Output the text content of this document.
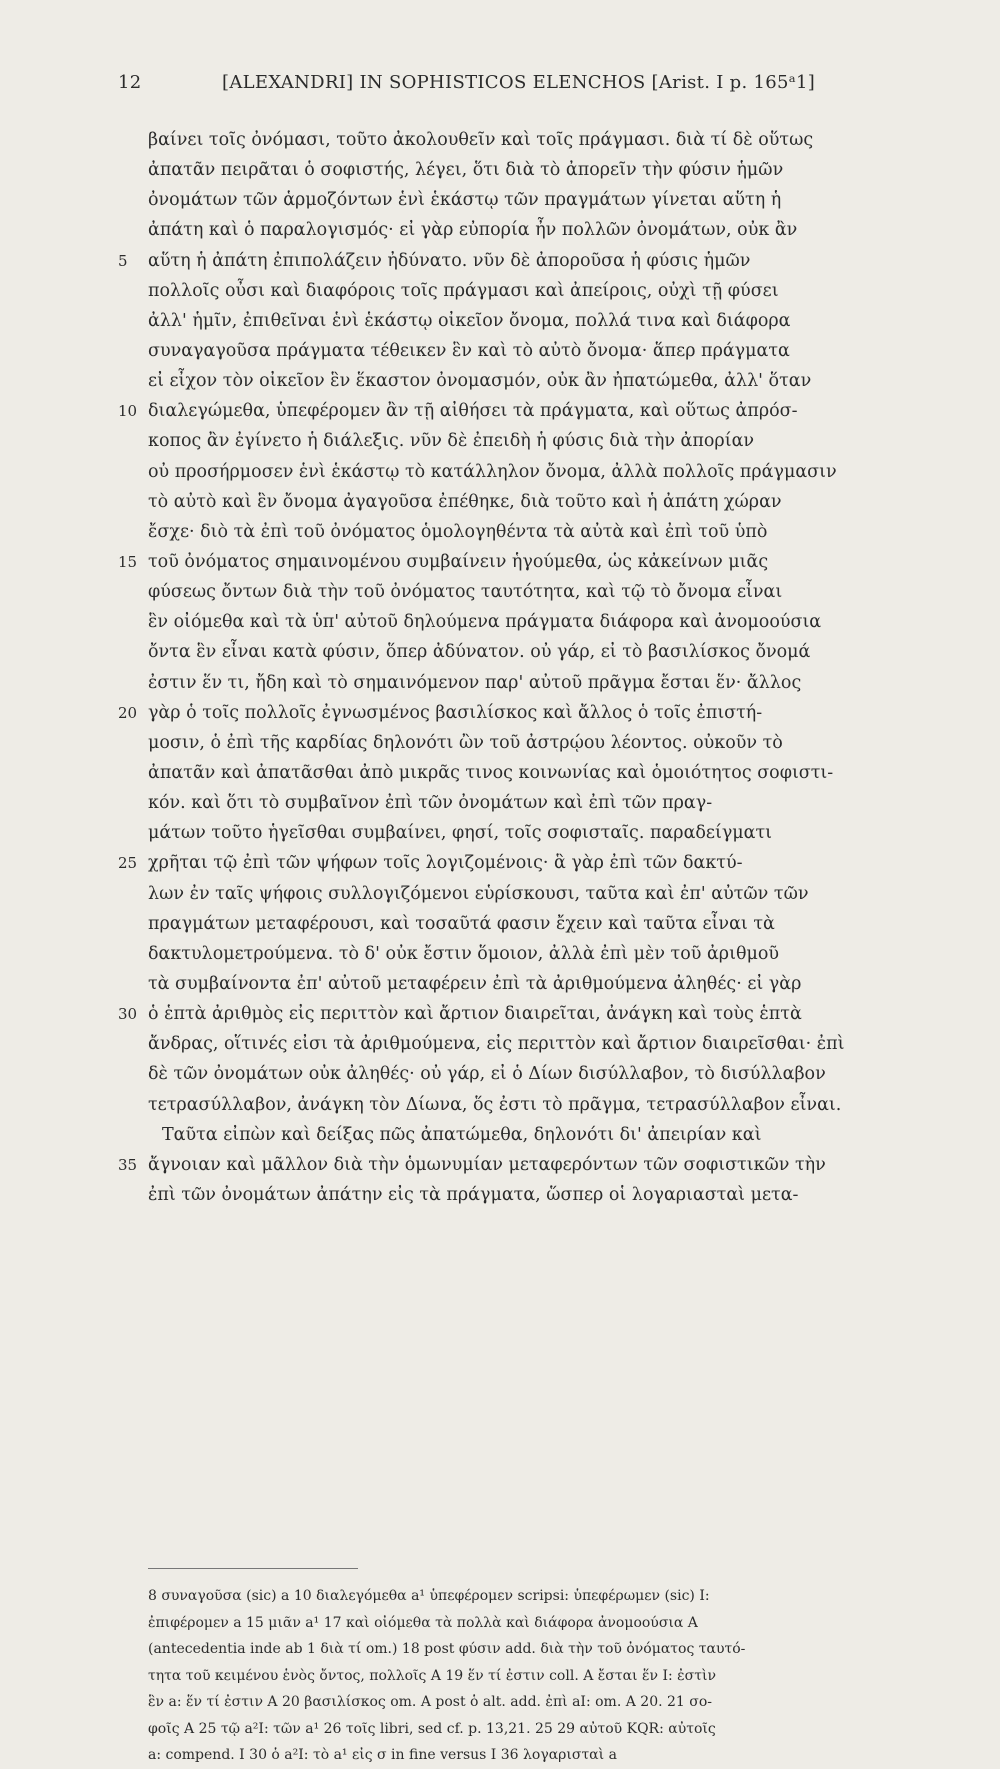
12	[ALEXANDRI] IN SOPHISTICOS ELENCHOS [Arist. I p. 165ᵃ1]
βαίνει τοῖς ὀνόμασι, τοῦτο ἀκολουθεῖν καὶ τοῖς πράγμασι. διὰ τί δὲ οὕτως
ἀπατᾶν πειρᾶται ὁ σοφιστής, λέγει, ὅτι διὰ τὸ ἀπορεῖν τὴν φύσιν ἡμῶν
ὀνομάτων τῶν ἁρμοζόντων ἑνὶ ἑκάστῳ τῶν πραγμάτων γίνεται αὕτη ἡ
ἀπάτη καὶ ὁ παραλογισμός· εἰ γὰρ εὐπορία ἦν πολλῶν ὀνομάτων, οὐκ ἂν
5	αὕτη ἡ ἀπάτη ἐπιπολάζειν ἠδύνατο. νῦν δὲ ἀποροῦσα ἡ φύσις ἡμῶν
πολλοῖς οὖσι καὶ διαφόροις τοῖς πράγμασι καὶ ἀπείροις, οὐχὶ τῇ φύσει
ἀλλ' ἡμῖν, ἐπιθεῖναι ἑνὶ ἑκάστῳ οἰκεῖον ὄνομα, πολλά τινα καὶ διάφορα
συναγαγοῦσα πράγματα τέθεικεν ἓν καὶ τὸ αὐτὸ ὄνομα· ἅπερ πράγματα
εἰ εἶχον τὸν οἰκεῖον ἓν ἕκαστον ὀνομασμόν, οὐκ ἂν ἠπατώμεθα, ἀλλ' ὅταν
10 διαλεγώμεθα, ὑπεφέρομεν ἂν τῇ αἰθήσει τὰ πράγματα, καὶ οὕτως ἀπρόσ-
κοπος ἂν ἐγίνετο ἡ διάλεξις. νῦν δὲ ἐπειδὴ ἡ φύσις διὰ τὴν ἀπορίαν
οὐ προσήρμοσεν ἑνὶ ἑκάστῳ τὸ κατάλληλον ὄνομα, ἀλλὰ πολλοῖς πράγμασιν
τὸ αὐτὸ καὶ ἓν ὄνομα ἀγαγοῦσα ἐπέθηκε, διὰ τοῦτο καὶ ἡ ἀπάτη χώραν
ἔσχε· διὸ τὰ ἐπὶ τοῦ ὀνόματος ὁμολογηθέντα τὰ αὐτὰ καὶ ἐπὶ τοῦ ὑπὸ
15 τοῦ ὀνόματος σημαινομένου συμβαίνειν ἡγούμεθα, ὡς κἀκείνων μιᾶς
φύσεως ὄντων διὰ τὴν τοῦ ὀνόματος ταυτότητα, καὶ τῷ τὸ ὄνομα εἶναι
ἓν οἰόμεθα καὶ τὰ ὑπ' αὐτοῦ δηλούμενα πράγματα διάφορα καὶ ἀνομοούσια
ὄντα ἓν εἶναι κατὰ φύσιν, ὅπερ ἀδύνατον. οὐ γάρ, εἰ τὸ βασιλίσκος ὄνομά
ἐστιν ἕν τι, ἤδη καὶ τὸ σημαινόμενον παρ' αὐτοῦ πρᾶγμα ἔσται ἕν· ἄλλος
20 γὰρ ὁ τοῖς πολλοῖς ἐγνωσμένος βασιλίσκος καὶ ἄλλος ὁ τοῖς ἐπιστή-
μοσιν, ὁ ἐπὶ τῆς καρδίας δηλονότι ὢν τοῦ ἀστρῴου λέοντος. οὐκοῦν τὸ
ἀπατᾶν καὶ ἀπατᾶσθαι ἀπὸ μικρᾶς τινος κοινωνίας καὶ ὁμοιότητος σοφιστι-
κόν. καὶ ὅτι τὸ συμβαῖνον ἐπὶ τῶν ὀνομάτων καὶ ἐπὶ τῶν πραγ-
μάτων τοῦτο ἡγεῖσθαι συμβαίνει, φησί, τοῖς σοφισταῖς. παραδείγματι
25 χρῆται τῷ ἐπὶ τῶν ψήφων τοῖς λογιζομένοις· ἃ γὰρ ἐπὶ τῶν δακτύ-
λων ἐν ταῖς ψήφοις συλλογιζόμενοι εὑρίσκουσι, ταῦτα καὶ ἐπ' αὐτῶν τῶν
πραγμάτων μεταφέρουσι, καὶ τοσαῦτά φασιν ἔχειν καὶ ταῦτα εἶναι τὰ
δακτυλομετρούμενα. τὸ δ' οὐκ ἔστιν ὅμοιον, ἀλλὰ ἐπὶ μὲν τοῦ ἀριθμοῦ
τὰ συμβαίνοντα ἐπ' αὐτοῦ μεταφέρειν ἐπὶ τὰ ἀριθμούμενα ἀληθές· εἰ γὰρ
30 ὁ ἑπτὰ ἀριθμὸς εἰς περιττὸν καὶ ἄρτιον διαιρεῖται, ἀνάγκη καὶ τοὺς ἑπτὰ
ἄνδρας, οἵτινές εἰσι τὰ ἀριθμούμενα, εἰς περιττὸν καὶ ἄρτιον διαιρεῖσθαι· ἐπὶ
δὲ τῶν ὀνομάτων οὐκ ἀληθές· οὐ γάρ, εἰ ὁ Δίων δισύλλαβον, τὸ δισύλλαβον
τετρασύλλαβον, ἀνάγκη τὸν Δίωνα, ὅς ἐστι τὸ πρᾶγμα, τετρασύλλαβον εἶναι.
Ταῦτα εἰπὼν καὶ δείξας πῶς ἀπατώμεθα, δηλονότι δι' ἀπειρίαν καὶ
35 ἄγνοιαν καὶ μᾶλλον διὰ τὴν ὁμωνυμίαν μεταφερόντων τῶν σοφιστικῶν τὴν
ἐπὶ τῶν ὀνομάτων ἀπάτην εἰς τὰ πράγματα, ὥσπερ οἱ λογαριασταὶ μετα-
8 συναγοῦσα (sic) a 10 διαλεγόμεθα a¹ ὑπεφέρομεν scripsi: ὑπεφέρωμεν (sic) I:
ἐπιφέρομεν a 15 μιᾶν a¹ 17 καὶ οἰόμεθα τὰ πολλὰ καὶ διάφορα ἀνομοούσια A
(antecedentia inde ab 1 διὰ τί om.) 18 post φύσιν add. διὰ τὴν τοῦ ὀνόματος ταυτό-
τητα τοῦ κειμένου ἑνὸς ὄντος, πολλοῖς A 19 ἕν τί ἐστιν coll. A ἔσται ἕν I: ἐστὶν
ἓν a: ἕν τί ἐστιν A 20 βασιλίσκος om. A post ὁ alt. add. ἐπὶ aI: om. A 20. 21 σο-
φοῖς A 25 τῷ a²I: τῶν a¹ 26 τοῖς libri, sed cf. p. 13,21. 25 29 αὐτοῦ KQR: αὐτοῖς
a: compend. I 30 ὁ a²I: τὸ a¹ εἰς σ in fine versus I 36 λογαρισταὶ a
